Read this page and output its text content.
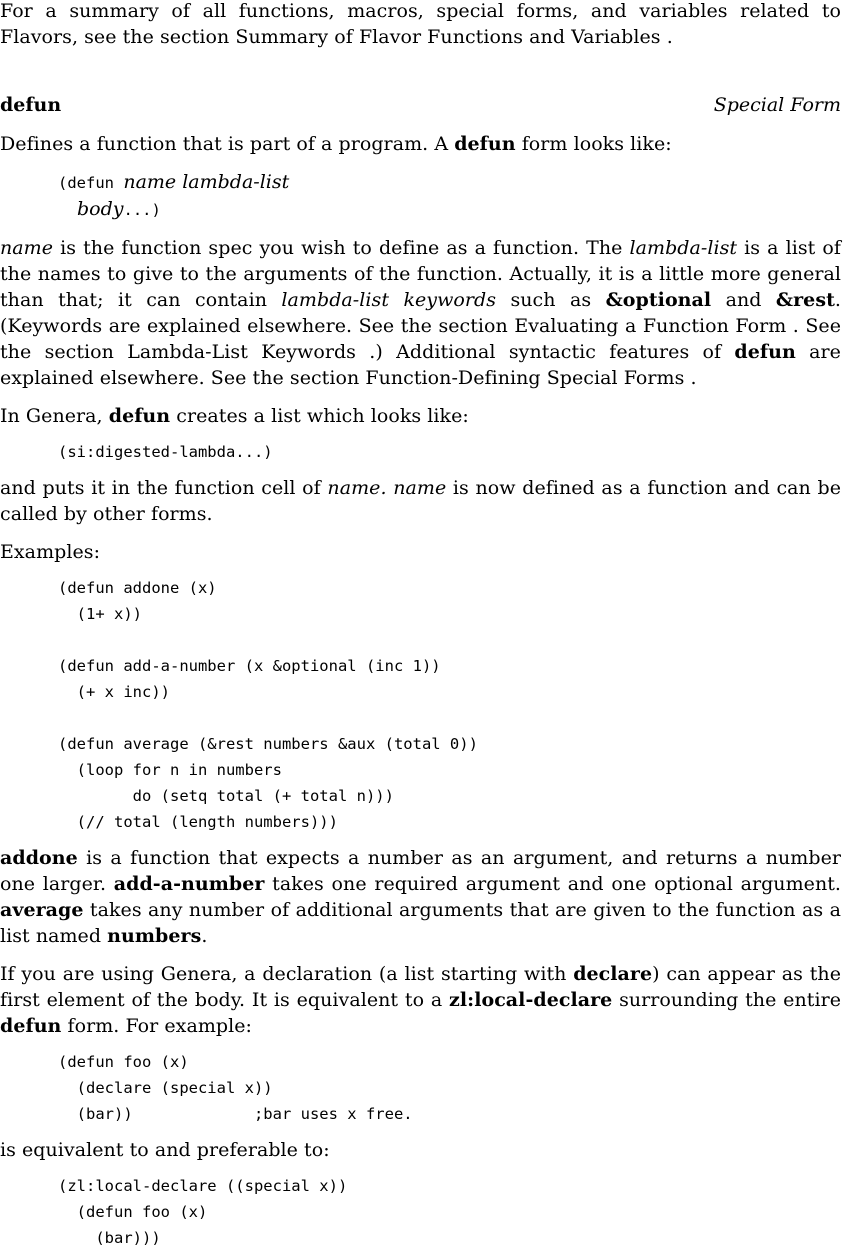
For a summary of all functions, macros, special forms, and variables related to Flavors, see the section Summary of Flavor Functions and Variables .

defun	Special Form

Defines a function that is part of a program. A defun form looks like:

(defun name lambda-list
body...)

name is the function spec you wish to define as a function. The lambda-list is a list of the names to give to the arguments of the function. Actually, it is a little more general than that; it can contain lambda-list keywords such as &optional and &rest. (Keywords are explained elsewhere. See the section Evaluating a Function Form . See the section Lambda-List Keywords .) Additional syntactic features of defun are explained elsewhere. See the section Function-Defining Special Forms .

In Genera, defun creates a list which looks like:

(si:digested-lambda...)

and puts it in the function cell of name. name is now defined as a function and can be called by other forms.

Examples:

(defun addone (x)
(1+ x))

(defun add-a-number (x &optional (inc 1))
(+ x inc))

(defun average (&rest numbers &aux (total 0))
(loop for n in numbers
do (setq total (+ total n)))
(// total (length numbers)))

addone is a function that expects a number as an argument, and returns a number one larger. add-a-number takes one required argument and one optional argument. average takes any number of additional arguments that are given to the function as a list named numbers.

If you are using Genera, a declaration (a list starting with declare) can appear as the first element of the body. It is equivalent to a zl:local-declare surrounding the entire defun form. For example:

(defun foo (x)
(declare (special x))
(bar))             ;bar uses x free.

is equivalent to and preferable to:

(zl:local-declare ((special x))
(defun foo (x)
(bar)))
